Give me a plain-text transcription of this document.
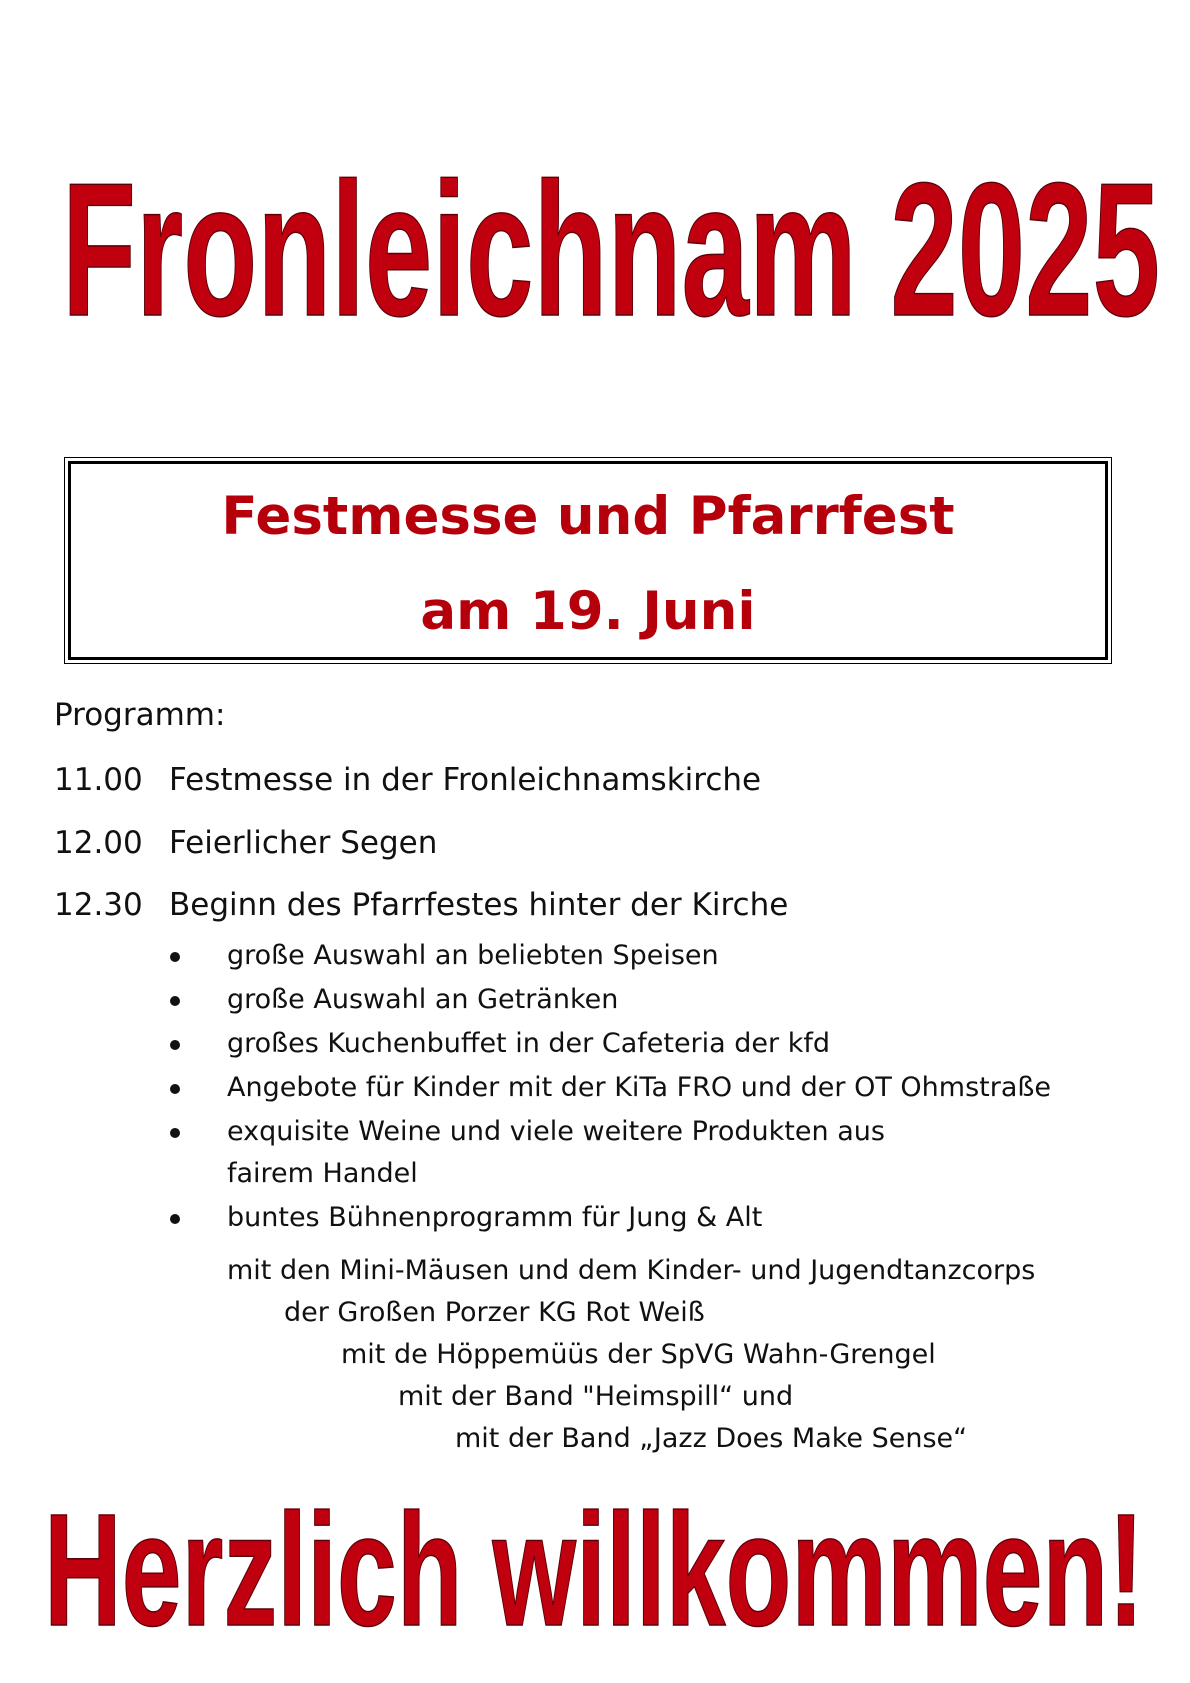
Fronleichnam 2025
Festmesse und Pfarrfest
am 19. Juni
Programm:
11.00 Festmesse in der Fronleichnamskirche
12.00 Feierlicher Segen
12.30 Beginn des Pfarrfestes hinter der Kirche
große Auswahl an beliebten Speisen
große Auswahl an Getränken
großes Kuchenbuffet in der Cafeteria der kfd
Angebote für Kinder mit der KiTa FRO und der OT Ohmstraße
exquisite Weine und viele weitere Produkten aus
fairem Handel
buntes Bühnenprogramm für Jung & Alt
mit den Mini-Mäusen und dem Kinder- und Jugendtanzcorps
der Großen Porzer KG Rot Weiß
mit de Höppemüüs der SpVG Wahn-Grengel
mit der Band "Heimspill“ und
mit der Band „Jazz Does Make Sense“
Herzlich willkommen!
